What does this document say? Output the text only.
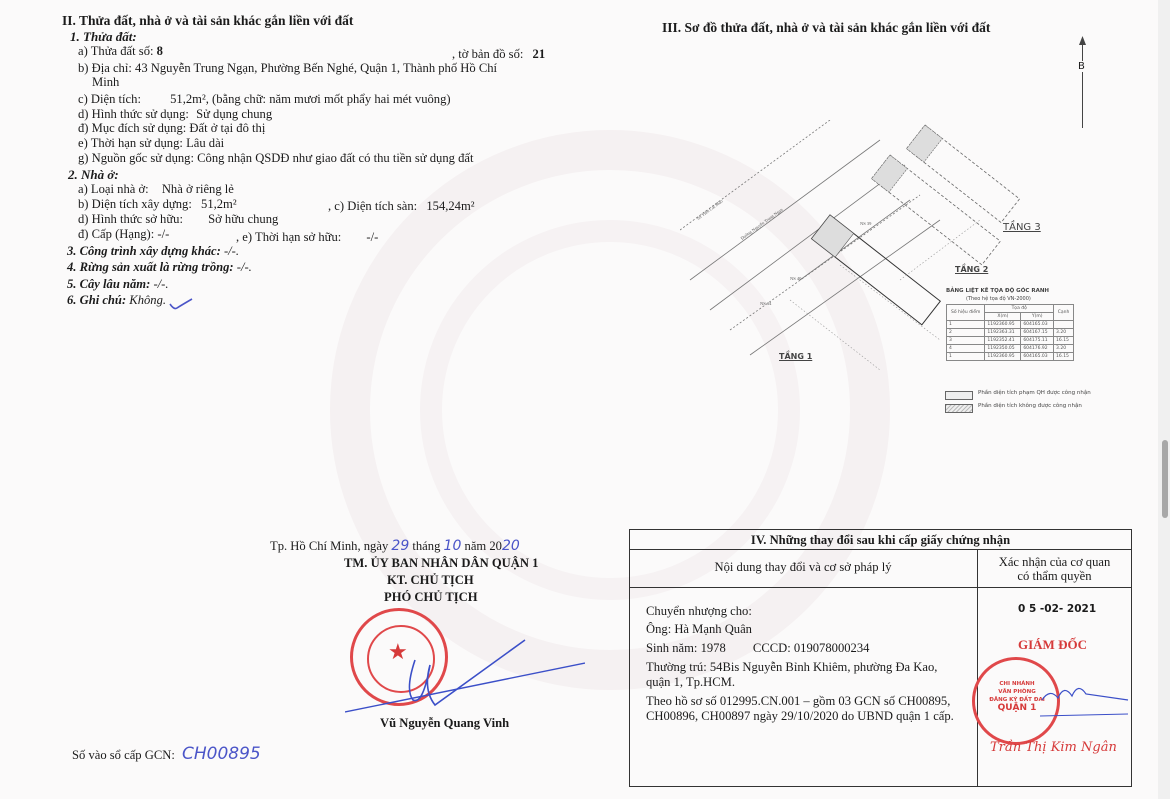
II. Thửa đất, nhà ở và tài sản khác gắn liền với đất
1. Thửa đất:
a) Thửa đất số: 8	, tờ bản đồ số: 21
b) Địa chỉ: 43 Nguyễn Trung Ngạn, Phường Bến Nghé, Quận 1, Thành phố Hồ Chí
Minh
c) Diện tích: 51,2m², (bằng chữ: năm mươi mốt phẩy hai mét vuông)
d) Hình thức sử dụng: Sử dụng chung
đ) Mục đích sử dụng: Đất ở tại đô thị
e) Thời hạn sử dụng: Lâu dài
g) Nguồn gốc sử dụng: Công nhận QSDĐ như giao đất có thu tiền sử dụng đất
2. Nhà ở:
a) Loại nhà ở: Nhà ở riêng lẻ
b) Diện tích xây dựng: 51,2m²	, c) Diện tích sàn: 154,24m²
d) Hình thức sở hữu: Sở hữu chung
đ) Cấp (Hạng): -/-	, e) Thời hạn sở hữu: -/-
3. Công trình xây dựng khác: -/-.
4. Rừng sản xuất là rừng trồng: -/-.
5. Cây lâu năm: -/-.
6. Ghi chú: Không.
III. Sơ đồ thửa đất, nhà ở và tài sản khác gắn liền với đất
B
Sn Viên Cát Mão	Đường Nguyễn Trung Ngạn
NS 40
NS 34
NS 39
TẦNG 1
TẦNG 2
TẦNG 3
BẢNG LIỆT KÊ TỌA ĐỘ GÓC RANH
(Theo hệ tọa độ VN-2000)
Số hiệu điểm	Tọa độ		Cạnh
	X(m)	Y(m)	
1	1192360.95	604165.03	
2	1192363.31	604167.15	3.20
3	1192352.41	604175.11	16.15
4	1192350.05	604176.92	3.20
1	1192360.95	604165.03	16.15
Phần diện tích phạm QH được công nhận
Phần diện tích không được công nhận
Tp. Hồ Chí Minh, ngày 29 tháng 10 năm 2020
TM. ỦY BAN NHÂN DÂN QUẬN 1
KT. CHỦ TỊCH
PHÓ CHỦ TỊCH
★
Vũ Nguyễn Quang Vinh
Số vào sổ cấp GCN: CH00895
IV. Những thay đổi sau khi cấp giấy chứng nhận
Nội dung thay đổi và cơ sở pháp lý	Xác nhận của cơ quan
có thẩm quyền
Chuyển nhượng cho:
Ông: Hà Mạnh Quân
Sinh năm: 1978 CCCD: 019078000234
Thường trú: 54Bis Nguyễn Bỉnh Khiêm, phường Đa Kao,
quận 1, Tp.HCM.
Theo hồ sơ số 012995.CN.001 – gồm 03 GCN số CH00895,
CH00896, CH00897 ngày 29/10/2020 do UBND quận 1 cấp.
0 5 -02- 2021
GIÁM ĐỐC
CHI NHÁNH
VĂN PHÒNG
ĐĂNG KÝ ĐẤT ĐAI
QUẬN 1
Trần Thị Kim Ngân
